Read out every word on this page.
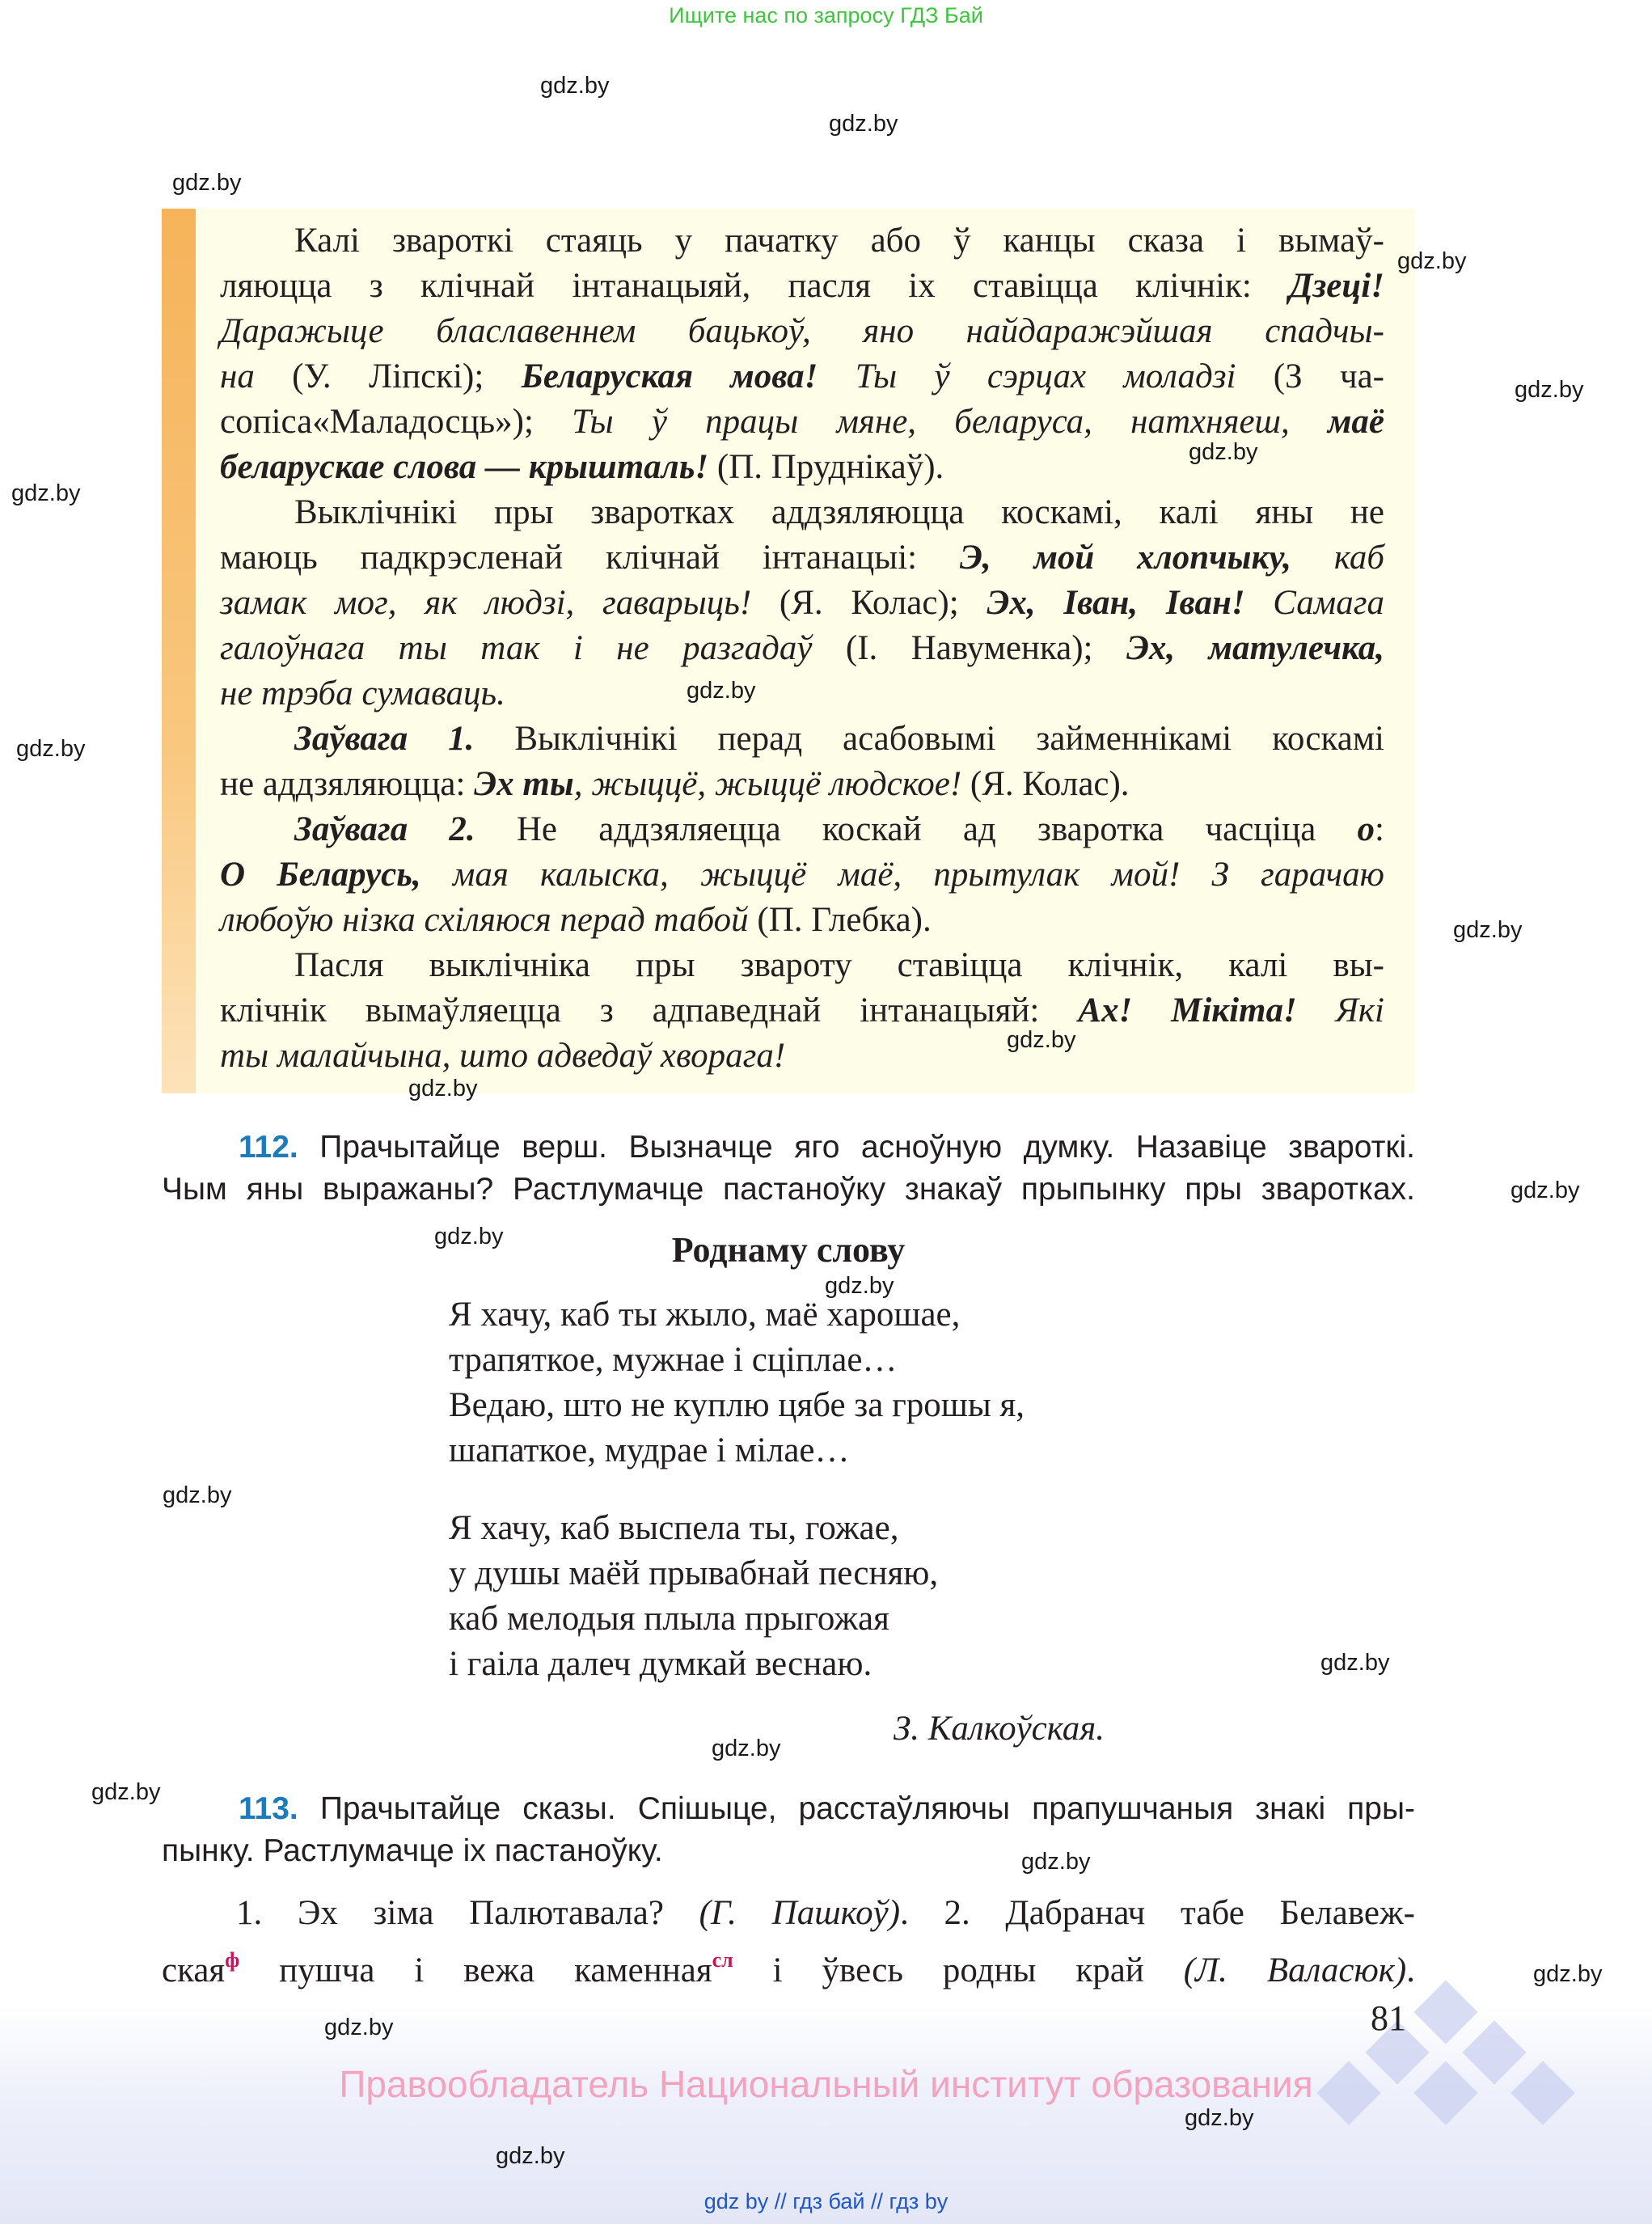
Ищите нас по запросу ГДЗ Бай
Калі звароткі стаяць у пачатку або ў канцы сказа і вымаў-
ляюцца з клічнай інтанацыяй, пасля іх ставіцца клічнік: Дзеці!
Даражыце блаславеннем бацькоў, яно найдаражэйшая спадчы-
на (У. Ліпскі); Беларуская мова! Ты ў сэрцах моладзі (З ча-
сопіса«Маладосць»); Ты ў працы мяне, беларуса, натхняеш, маё
беларускае слова — крышталь! (П. Пруднікаў).
Выклічнікі пры зваротках аддзяляюцца коскамі, калі яны не
маюць падкрэсленай клічнай інтанацыі: Э, мой хлопчыку, каб
замак мог, як людзі, гаварыць! (Я. Колас); Эх, Іван, Іван! Самага
галоўнага ты так і не разгадаў (І. Навуменка); Эх, матулечка,
не трэба сумаваць.
Заўвага 1. Выклічнікі перад асабовымі займеннікамі коскамі
не аддзяляюцца: Эх ты, жыццё, жыццё людское! (Я. Колас).
Заўвага 2. Не аддзяляецца коскай ад зваротка часціца о:
О Беларусь, мая калыска, жыццё маё, прытулак мой! З гарачаю
любоўю нізка схіляюся перад табой (П. Глебка).
Пасля выклічніка пры звароту ставіцца клічнік, калі вы-
клічнік вымаўляецца з адпаведнай інтанацыяй: Ах! Мікіта! Які
ты малайчына, што адведаў хворага!
112. Прачытайце верш. Вызначце яго асноўную думку. Назавіце звароткі.
Чым яны выражаны? Растлумачце пастаноўку знакаў прыпынку пры зваротках.
Роднаму слову
Я хачу, каб ты жыло, маё харошае,
трапяткое, мужнае і сціплае…
Ведаю, што не куплю цябе за грошы я,
шапаткое, мудрае і мілае…
Я хачу, каб выспела ты, гожае,
у душы маёй прывабнай песняю,
каб мелодыя плыла прыгожая
і гаіла далеч думкай веснаю.
З. Калкоўская.
113. Прачытайце сказы. Спішыце, расстаўляючы прапушчаныя знакі пры-
пынку. Растлумачце іх пастаноўку.
1. Эх зіма Палютавала? (Г. Пашкоў). 2. Дабранач табе Белавеж-
ская$^ф$ пушча і вежа каменная$^{сл}$ і ўвесь родны край (Л. Валасюк).
81
Правообладатель Национальный институт образования
gdz by // гдз бай // гдз by
gdz.by
gdz.by
gdz.by
gdz.by
gdz.by
gdz.by
gdz.by
gdz.by
gdz.by
gdz.by
gdz.by
gdz.by
gdz.by
gdz.by
gdz.by
gdz.by
gdz.by
gdz.by
gdz.by
gdz.by
gdz.by
gdz.by
gdz.by
gdz.by
